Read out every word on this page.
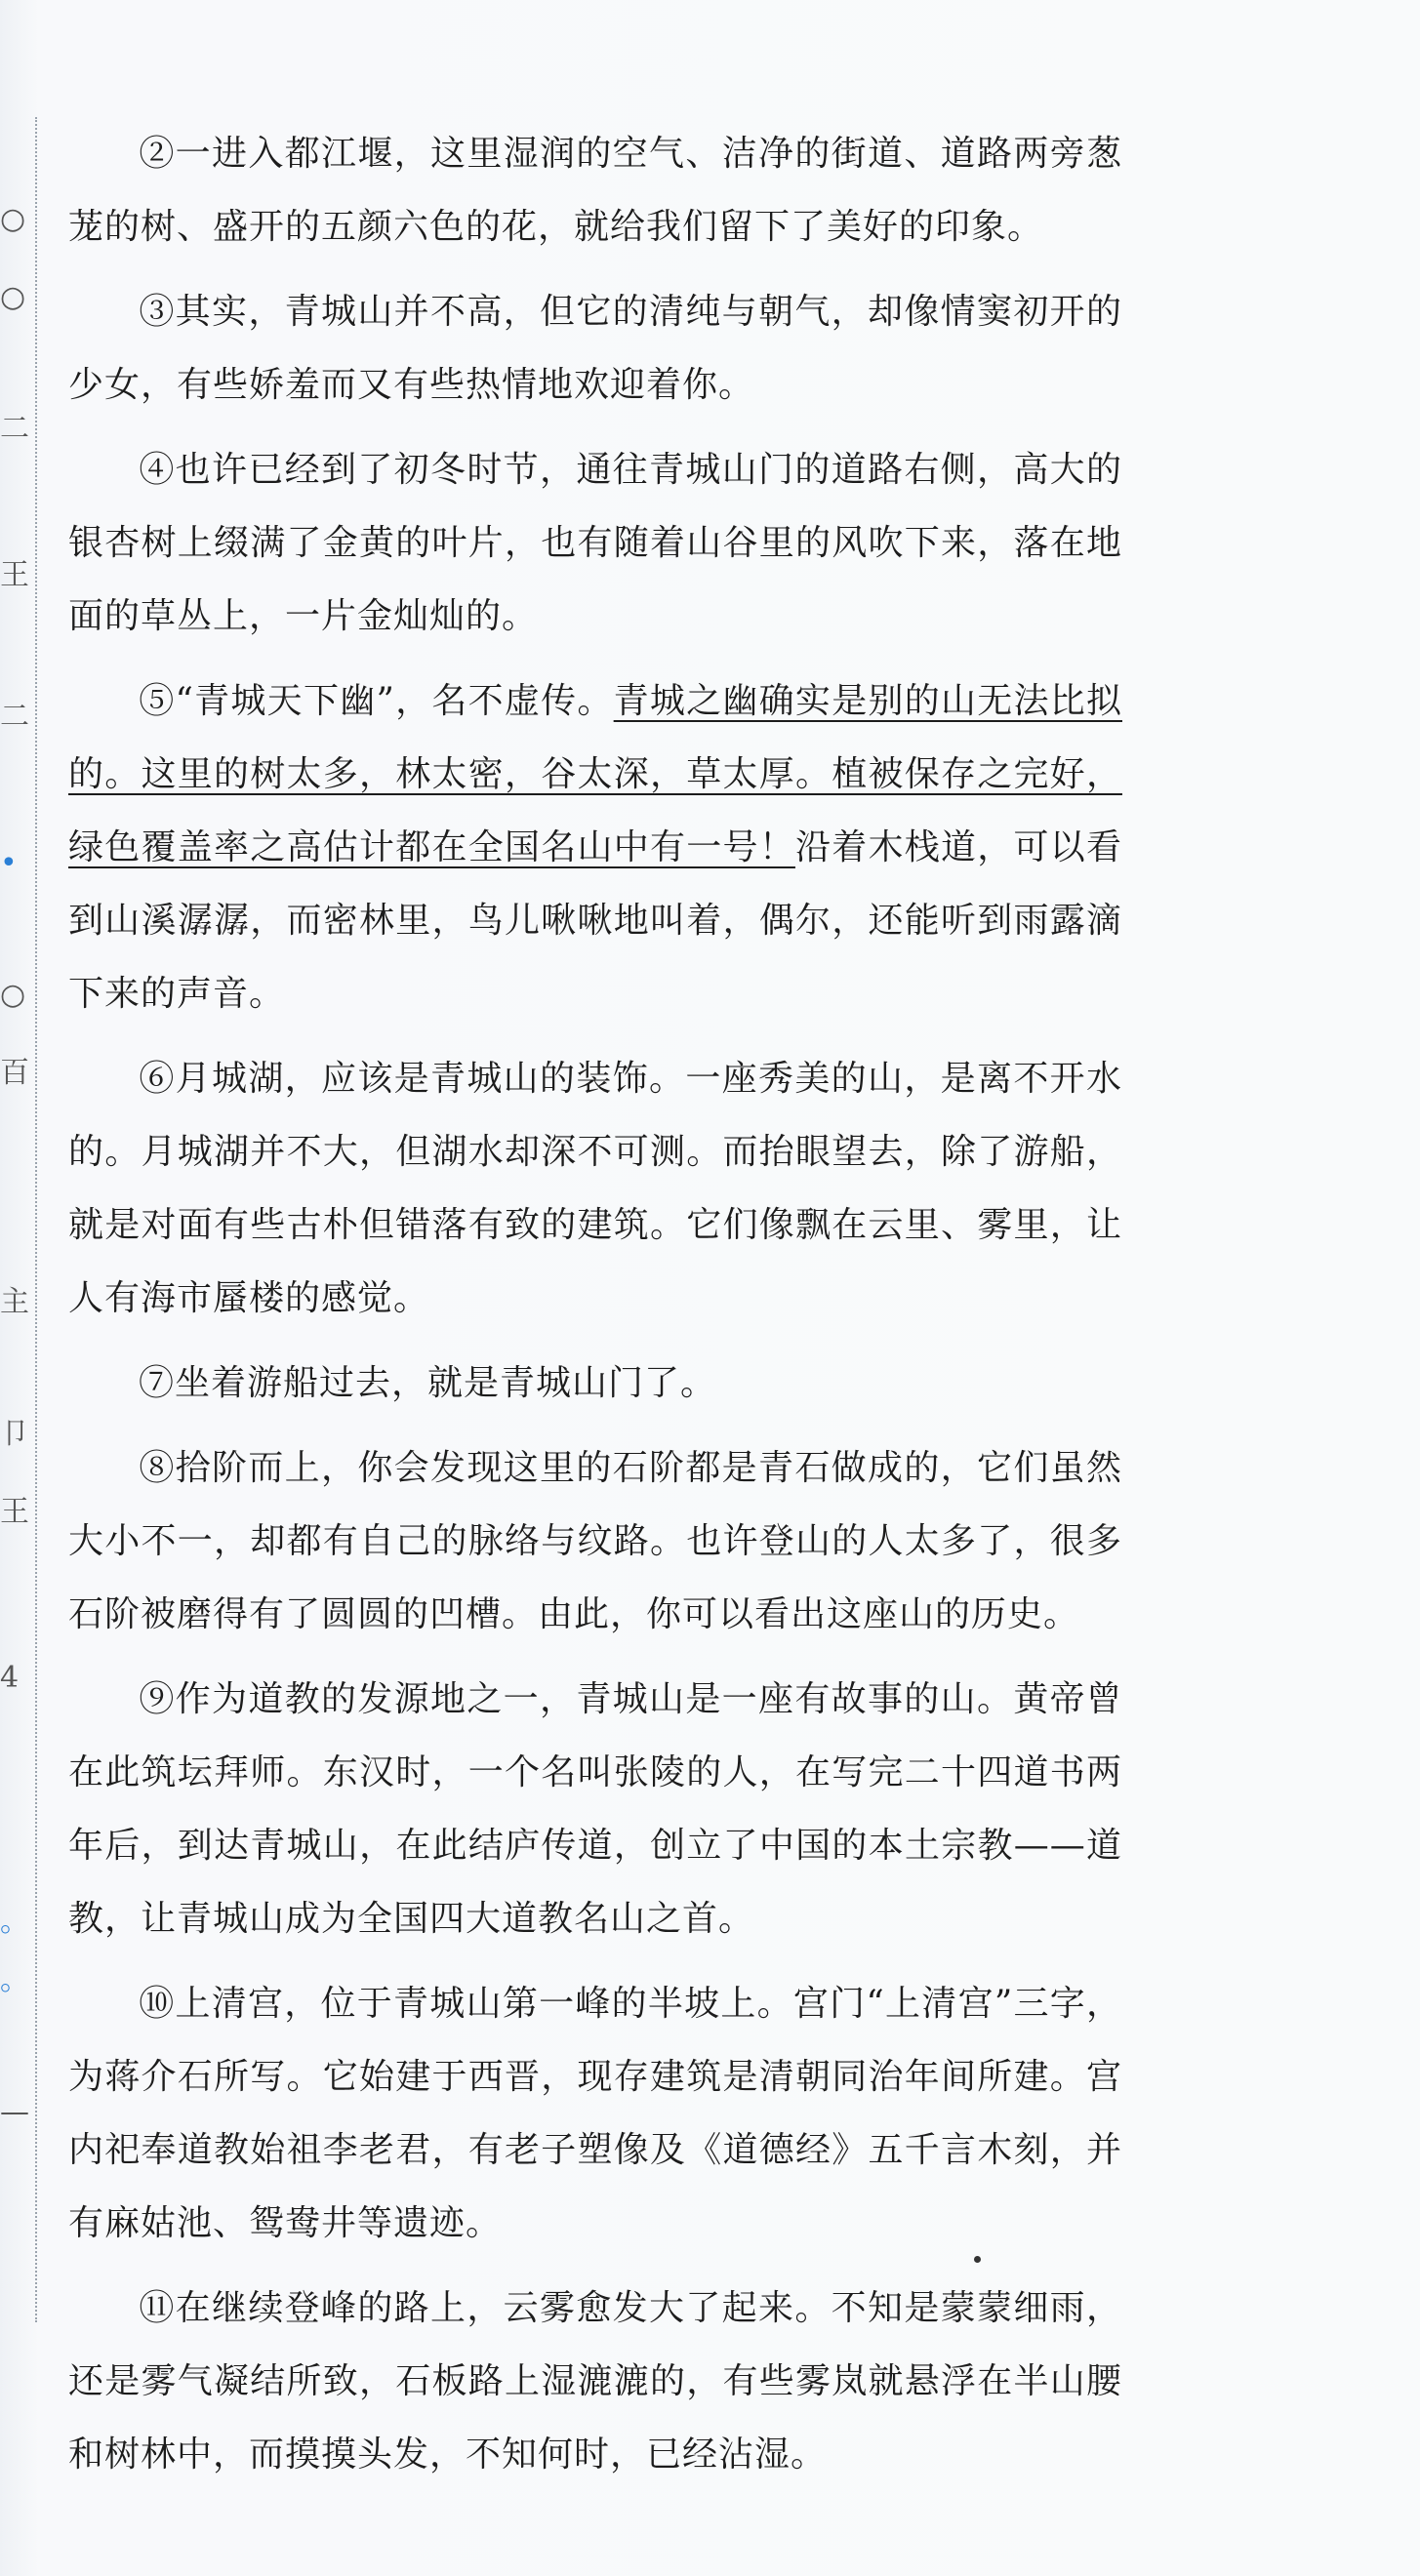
○
○
二
王
二
•
○
百
主
卩
王
4
。
。
—

②一进入都江堰，这里湿润的空气、洁净的街道、道路两旁葱茏的树、盛开的五颜六色的花，就给我们留下了美好的印象。

③其实，青城山并不高，但它的清纯与朝气，却像情窦初开的少女，有些娇羞而又有些热情地欢迎着你。

④也许已经到了初冬时节，通往青城山门的道路右侧，高大的银杏树上缀满了金黄的叶片，也有随着山谷里的风吹下来，落在地面的草丛上，一片金灿灿的。

⑤“青城天下幽”，名不虚传。青城之幽确实是别的山无法比拟的。这里的树太多，林太密，谷太深，草太厚。植被保存之完好，绿色覆盖率之高估计都在全国名山中有一号！沿着木栈道，可以看到山溪潺潺，而密林里，鸟儿啾啾地叫着，偶尔，还能听到雨露滴下来的声音。

⑥月城湖，应该是青城山的装饰。一座秀美的山，是离不开水的。月城湖并不大，但湖水却深不可测。而抬眼望去，除了游船，就是对面有些古朴但错落有致的建筑。它们像飘在云里、雾里，让人有海市蜃楼的感觉。

⑦坐着游船过去，就是青城山门了。

⑧拾阶而上，你会发现这里的石阶都是青石做成的，它们虽然大小不一，却都有自己的脉络与纹路。也许登山的人太多了，很多石阶被磨得有了圆圆的凹槽。由此，你可以看出这座山的历史。

⑨作为道教的发源地之一，青城山是一座有故事的山。黄帝曾在此筑坛拜师。东汉时，一个名叫张陵的人，在写完二十四道书两年后，到达青城山，在此结庐传道，创立了中国的本土宗教——道教，让青城山成为全国四大道教名山之首。

⑩上清宫，位于青城山第一峰的半坡上。宫门“上清宫”三字，为蒋介石所写。它始建于西晋，现存建筑是清朝同治年间所建。宫内祀奉道教始祖李老君，有老子塑像及《道德经》五千言木刻，并有麻姑池、鸳鸯井等遗迹。

⑪在继续登峰的路上，云雾愈发大了起来。不知是蒙蒙细雨，还是雾气凝结所致，石板路上湿漉漉的，有些雾岚就悬浮在半山腰和树林中，而摸摸头发，不知何时，已经沾湿。
